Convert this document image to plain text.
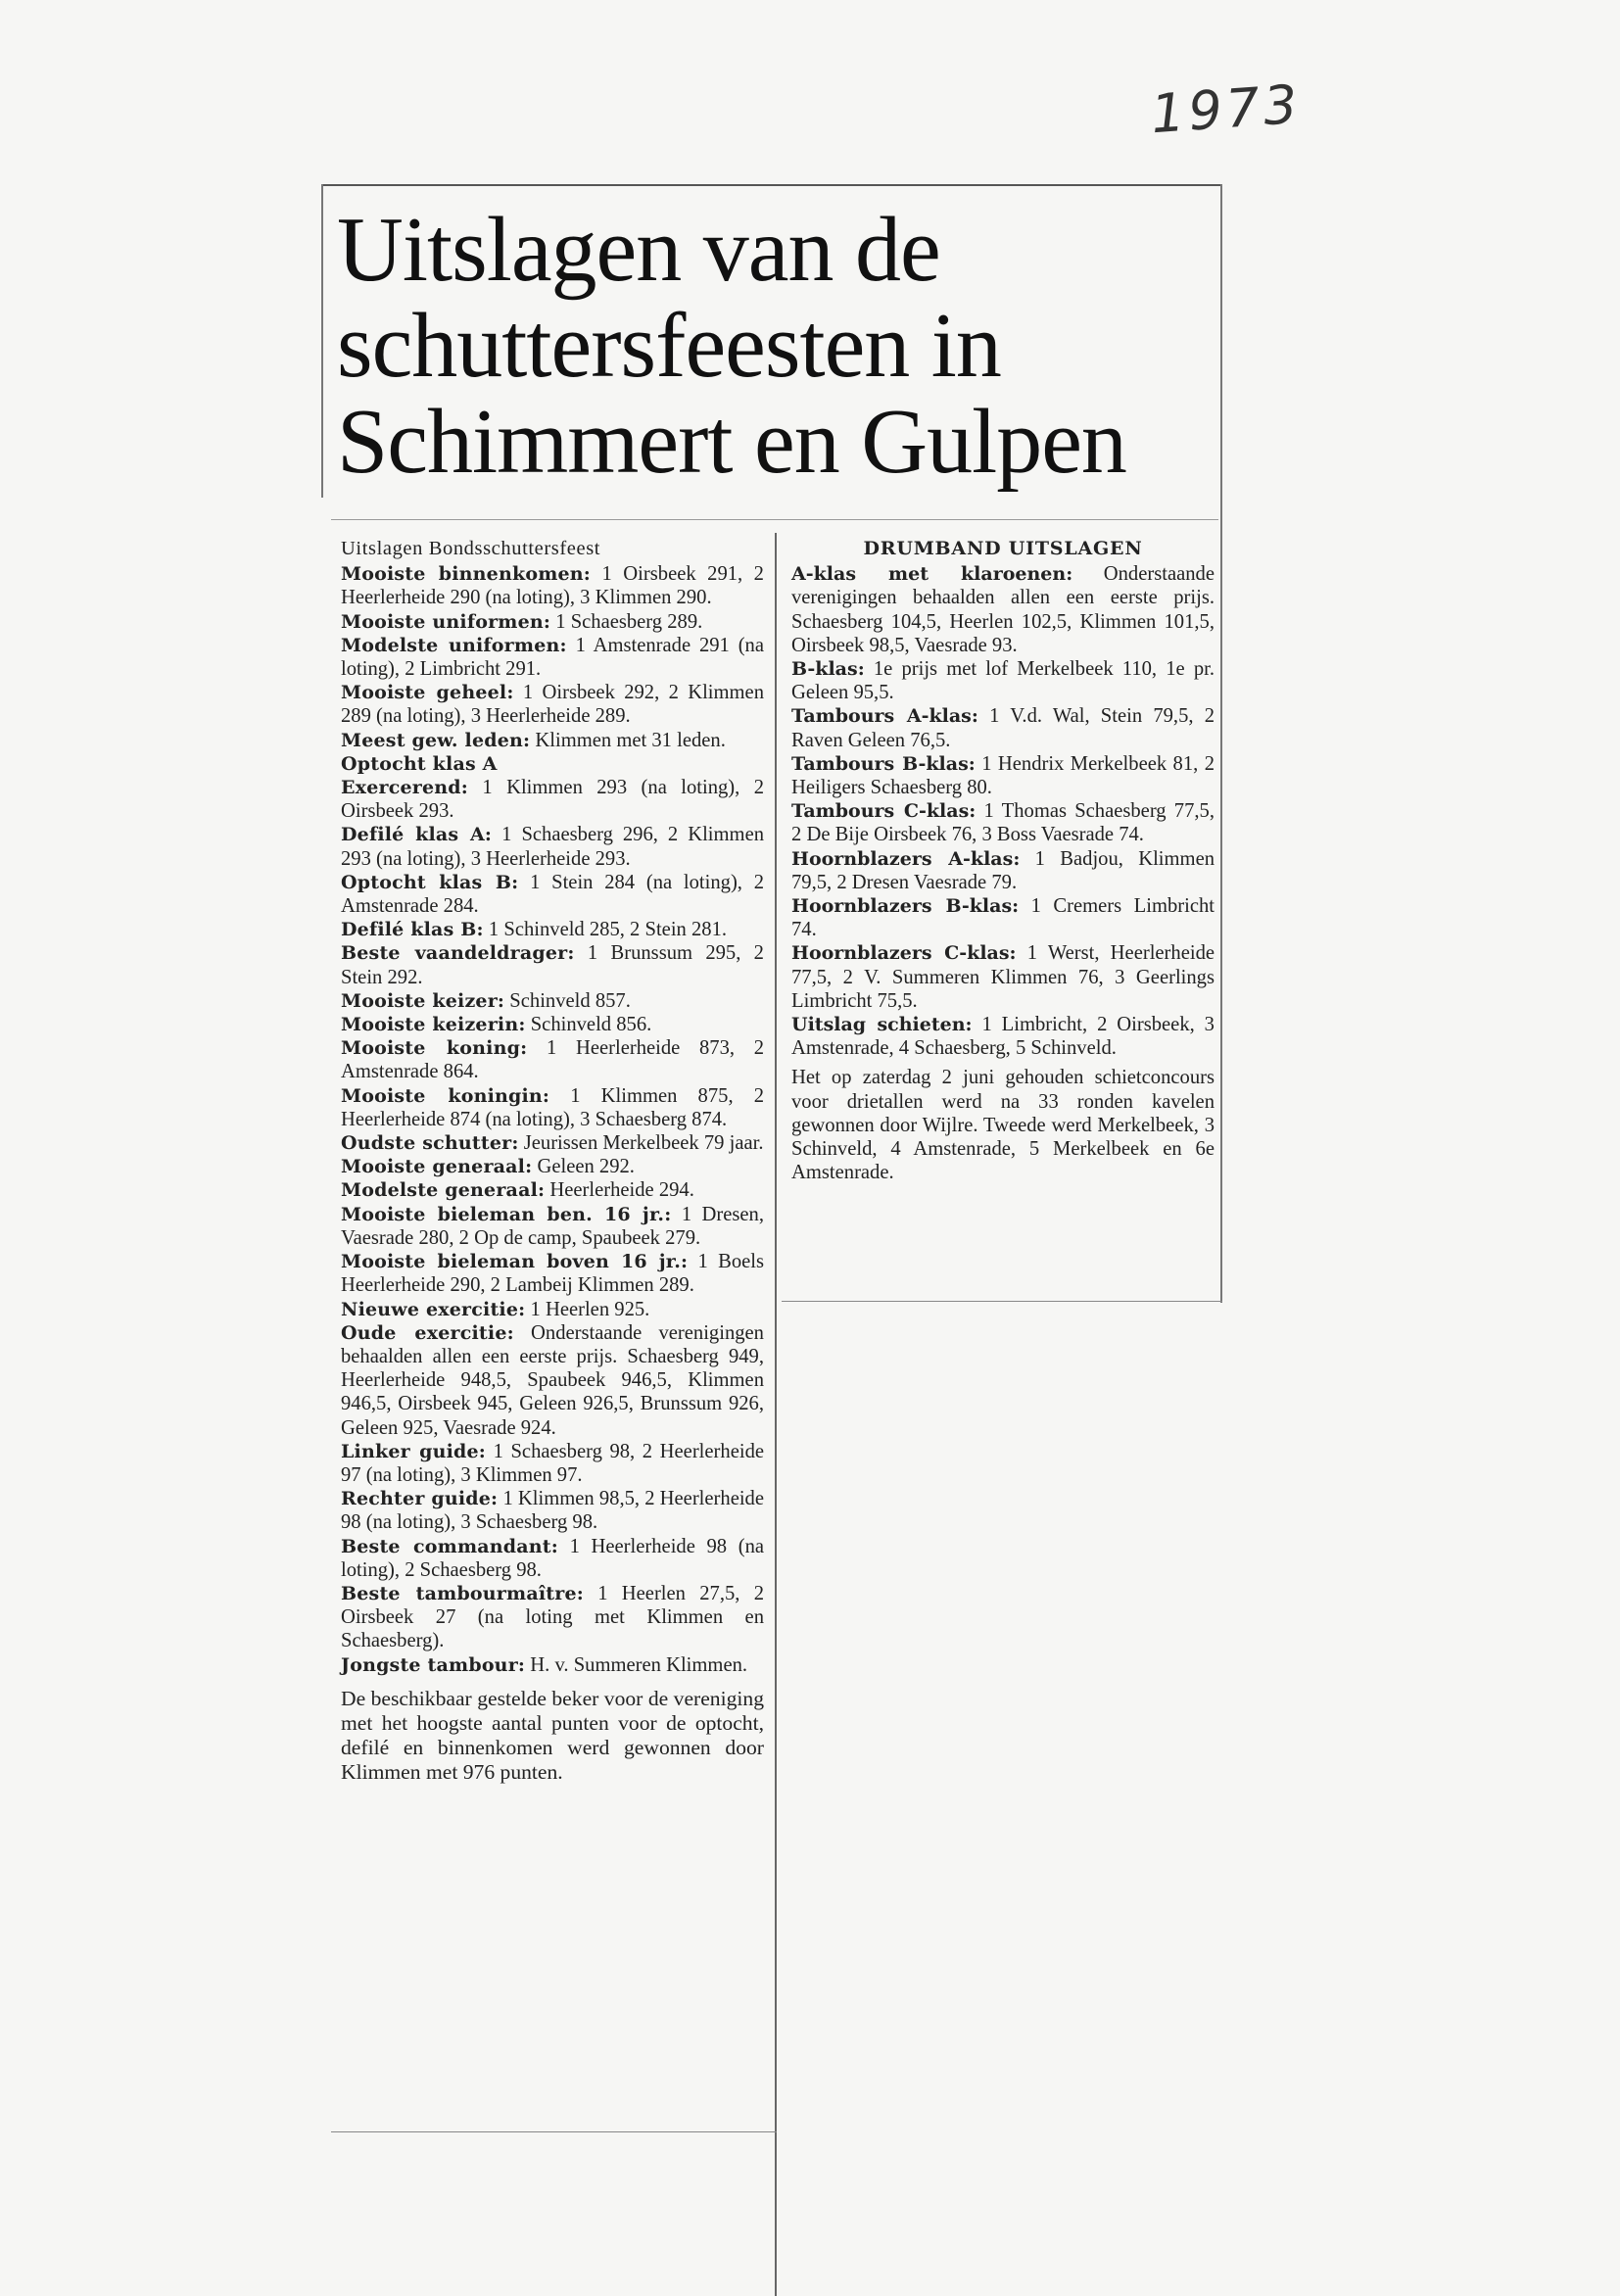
1973
Uitslagen van de
schuttersfeesten in
Schimmert en Gulpen
Uitslagen Bondsschuttersfeest

Mooiste binnenkomen: 1 Oirsbeek 291, 2 Heerlerheide 290 (na loting), 3 Klimmen 290.

Mooiste uniformen: 1 Schaesberg 289.

Modelste uniformen: 1 Amstenrade 291 (na loting), 2 Limbricht 291.

Mooiste geheel: 1 Oirsbeek 292, 2 Klimmen 289 (na loting), 3 Heerlerheide 289.

Meest gew. leden: Klimmen met 31 leden.

Optocht klas A

Exercerend: 1 Klimmen 293 (na loting), 2 Oirsbeek 293.

Defilé klas A: 1 Schaesberg 296, 2 Klimmen 293 (na loting), 3 Heerlerheide 293.

Optocht klas B: 1 Stein 284 (na loting), 2 Amstenrade 284.

Defilé klas B: 1 Schinveld 285, 2 Stein 281.

Beste vaandeldrager: 1 Brunssum 295, 2 Stein 292.

Mooiste keizer: Schinveld 857.

Mooiste keizerin: Schinveld 856.

Mooiste koning: 1 Heerlerheide 873, 2 Amstenrade 864.

Mooiste koningin: 1 Klimmen 875, 2 Heerlerheide 874 (na loting), 3 Schaesberg 874.

Oudste schutter: Jeurissen Merkelbeek 79 jaar.

Mooiste generaal: Geleen 292.

Modelste generaal: Heerlerheide 294.

Mooiste bieleman ben. 16 jr.: 1 Dresen, Vaesrade 280, 2 Op de camp, Spaubeek 279.

Mooiste bieleman boven 16 jr.: 1 Boels Heerlerheide 290, 2 Lambeij Klimmen 289.

Nieuwe exercitie: 1 Heerlen 925.

Oude exercitie: Onderstaande verenigingen behaalden allen een eerste prijs. Schaesberg 949, Heerlerheide 948,5, Spaubeek 946,5, Klimmen 946,5, Oirsbeek 945, Geleen 926,5, Brunssum 926, Geleen 925, Vaesrade 924.

Linker guide: 1 Schaesberg 98, 2 Heerlerheide 97 (na loting), 3 Klimmen 97.

Rechter guide: 1 Klimmen 98,5, 2 Heerlerheide 98 (na loting), 3 Schaesberg 98.

Beste commandant: 1 Heerlerheide 98 (na loting), 2 Schaesberg 98.

Beste tambourmaître: 1 Heerlen 27,5, 2 Oirsbeek 27 (na loting met Klimmen en Schaesberg).

Jongste tambour: H. v. Summeren Klimmen.

De beschikbaar gestelde beker voor de vereniging met het hoogste aantal punten voor de optocht, defilé en binnenkomen werd gewonnen door Klimmen met 976 punten.

DRUMBAND UITSLAGEN

A-klas met klaroenen: Onderstaande verenigingen behaalden allen een eerste prijs. Schaesberg 104,5, Heerlen 102,5, Klimmen 101,5, Oirsbeek 98,5, Vaesrade 93.

B-klas: 1e prijs met lof Merkelbeek 110, 1e pr. Geleen 95,5.

Tambours A-klas: 1 V.d. Wal, Stein 79,5, 2 Raven Geleen 76,5.

Tambours B-klas: 1 Hendrix Merkelbeek 81, 2 Heiligers Schaesberg 80.

Tambours C-klas: 1 Thomas Schaesberg 77,5, 2 De Bije Oirsbeek 76, 3 Boss Vaesrade 74.

Hoornblazers A-klas: 1 Badjou, Klimmen 79,5, 2 Dresen Vaesrade 79.

Hoornblazers B-klas: 1 Cremers Limbricht 74.

Hoornblazers C-klas: 1 Werst, Heerlerheide 77,5, 2 V. Summeren Klimmen 76, 3 Geerlings Limbricht 75,5.

Uitslag schieten: 1 Limbricht, 2 Oirsbeek, 3 Amstenrade, 4 Schaesberg, 5 Schinveld.

Het op zaterdag 2 juni gehouden schietconcours voor drietallen werd na 33 ronden kavelen gewonnen door Wijlre. Tweede werd Merkelbeek, 3 Schinveld, 4 Amstenrade, 5 Merkelbeek en 6e Amstenrade.
